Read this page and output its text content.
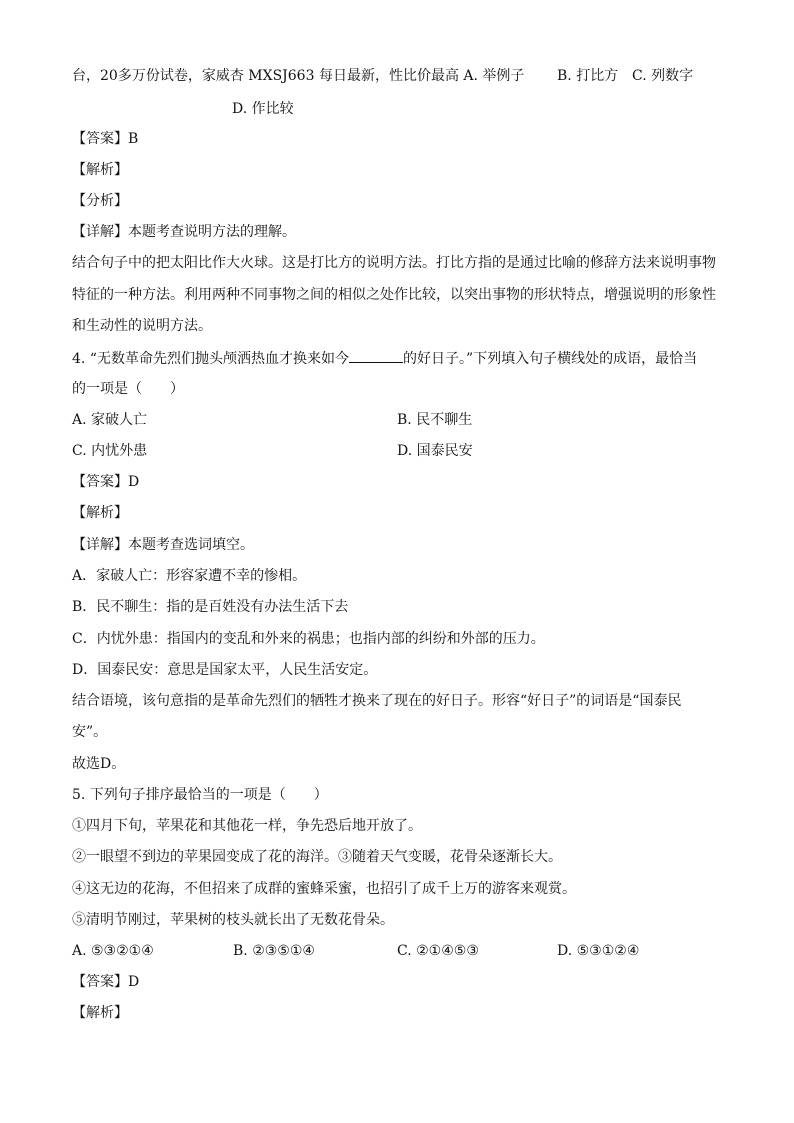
台，20多万份试卷，家威杏 MXSJ663 每日最新，性比价最高 A. 举例子 B. 打比方 C. 列数字
D. 作比较
【答案】B
【解析】
【分析】
【详解】本题考查说明方法的理解。
结合句子中的把太阳比作大火球。这是打比方的说明方法。打比方指的是通过比喻的修辞方法来说明事物
特征的一种方法。利用两种不同事物之间的相似之处作比较，以突出事物的形状特点，增强说明的形象性
和生动性的说明方法。
4. “无数革命先烈们抛头颅洒热血才换来如今	的好日子。”下列填入句子横线处的成语，最恰当
的一项是（　　）
A. 家破人亡	B. 民不聊生
C. 内忧外患	D. 国泰民安
【答案】D
【解析】
【详解】本题考查选词填空。
A．家破人亡：形容家遭不幸的惨相。
B．民不聊生：指的是百姓没有办法生活下去
C．内忧外患：指国内的变乱和外来的祸患；也指内部的纠纷和外部的压力。
D．国泰民安：意思是国家太平，人民生活安定。
结合语境，该句意指的是革命先烈们的牺牲才换来了现在的好日子。形容“好日子”的词语是“国泰民
安”。
故选D。
5. 下列句子排序最恰当的一项是（　　）
①四月下旬，苹果花和其他花一样，争先恐后地开放了。
②一眼望不到边的苹果园变成了花的海洋。③随着天气变暖，花骨朵逐渐长大。
④这无边的花海，不但招来了成群的蜜蜂采蜜，也招引了成千上万的游客来观赏。
⑤清明节刚过，苹果树的枝头就长出了无数花骨朵。
A. ⑤③②①④	B. ②③⑤①④	C. ②①④⑤③	D. ⑤③①②④
【答案】D
【解析】
